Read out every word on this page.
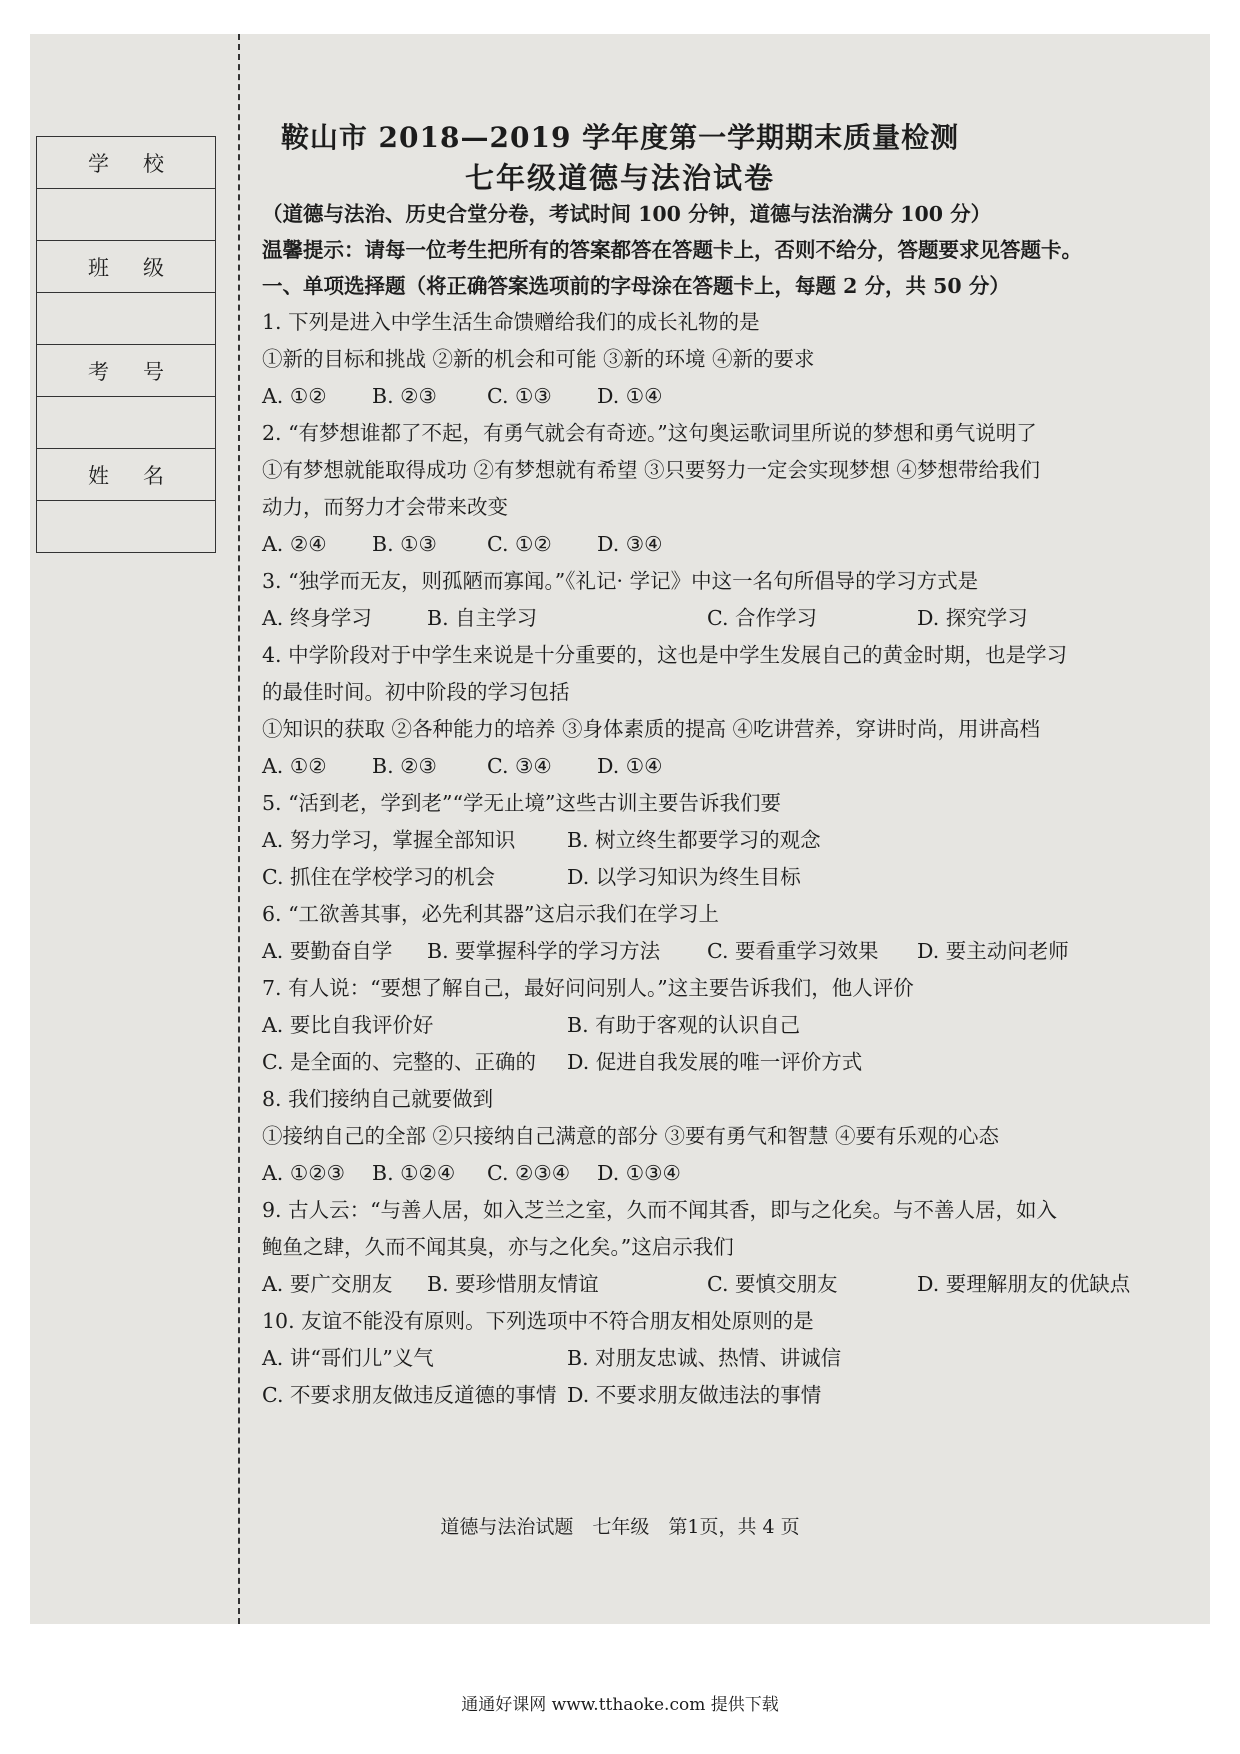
学校

班级

考号

姓名

鞍山市 2018—2019 学年度第一学期期末质量检测
七年级道德与法治试卷
（道德与法治、历史合堂分卷，考试时间 100 分钟，道德与法治满分 100 分）
温馨提示：请每一位考生把所有的答案都答在答题卡上，否则不给分，答题要求见答题卡。
一、单项选择题（将正确答案选项前的字母涂在答题卡上，每题 2 分，共 50 分）
1. 下列是进入中学生活生命馈赠给我们的成长礼物的是
①新的目标和挑战 ②新的机会和可能 ③新的环境 ④新的要求
A. ①② B. ②③ C. ①③ D. ①④
2. “有梦想谁都了不起，有勇气就会有奇迹。”这句奥运歌词里所说的梦想和勇气说明了
①有梦想就能取得成功 ②有梦想就有希望 ③只要努力一定会实现梦想 ④梦想带给我们
动力，而努力才会带来改变
A. ②④ B. ①③ C. ①② D. ③④
3. “独学而无友，则孤陋而寡闻。”《礼记· 学记》中这一名句所倡导的学习方式是
A. 终身学习	B. 自主学习	C. 合作学习	D. 探究学习
4. 中学阶段对于中学生来说是十分重要的，这也是中学生发展自己的黄金时期，也是学习
的最佳时间。初中阶段的学习包括
①知识的获取 ②各种能力的培养 ③身体素质的提高 ④吃讲营养，穿讲时尚，用讲高档
A. ①② B. ②③ C. ③④ D. ①④
5. “活到老，学到老”“学无止境”这些古训主要告诉我们要
A. 努力学习，掌握全部知识	B. 树立终生都要学习的观念
C. 抓住在学校学习的机会	D. 以学习知识为终生目标
6. “工欲善其事，必先利其器”这启示我们在学习上
A. 要勤奋自学 B. 要掌握科学的学习方法 C. 要看重学习效果 D. 要主动问老师
7. 有人说：“要想了解自己，最好问问别人。”这主要告诉我们，他人评价
A. 要比自我评价好	B. 有助于客观的认识自己
C. 是全面的、完整的、正确的 D. 促进自我发展的唯一评价方式
8. 我们接纳自己就要做到
①接纳自己的全部 ②只接纳自己满意的部分 ③要有勇气和智慧 ④要有乐观的心态
A. ①②③ B. ①②④ C. ②③④ D. ①③④
9. 古人云：“与善人居，如入芝兰之室，久而不闻其香，即与之化矣。与不善人居，如入
鲍鱼之肆，久而不闻其臭，亦与之化矣。”这启示我们
A. 要广交朋友 B. 要珍惜朋友情谊	C. 要慎交朋友	D. 要理解朋友的优缺点
10. 友谊不能没有原则。下列选项中不符合朋友相处原则的是
A. 讲“哥们儿”义气	B. 对朋友忠诚、热情、讲诚信
C. 不要求朋友做违反道德的事情 D. 不要求朋友做违法的事情
道德与法治试题　七年级　第1页，共 4 页
通通好课网 www.tthaoke.com 提供下载
